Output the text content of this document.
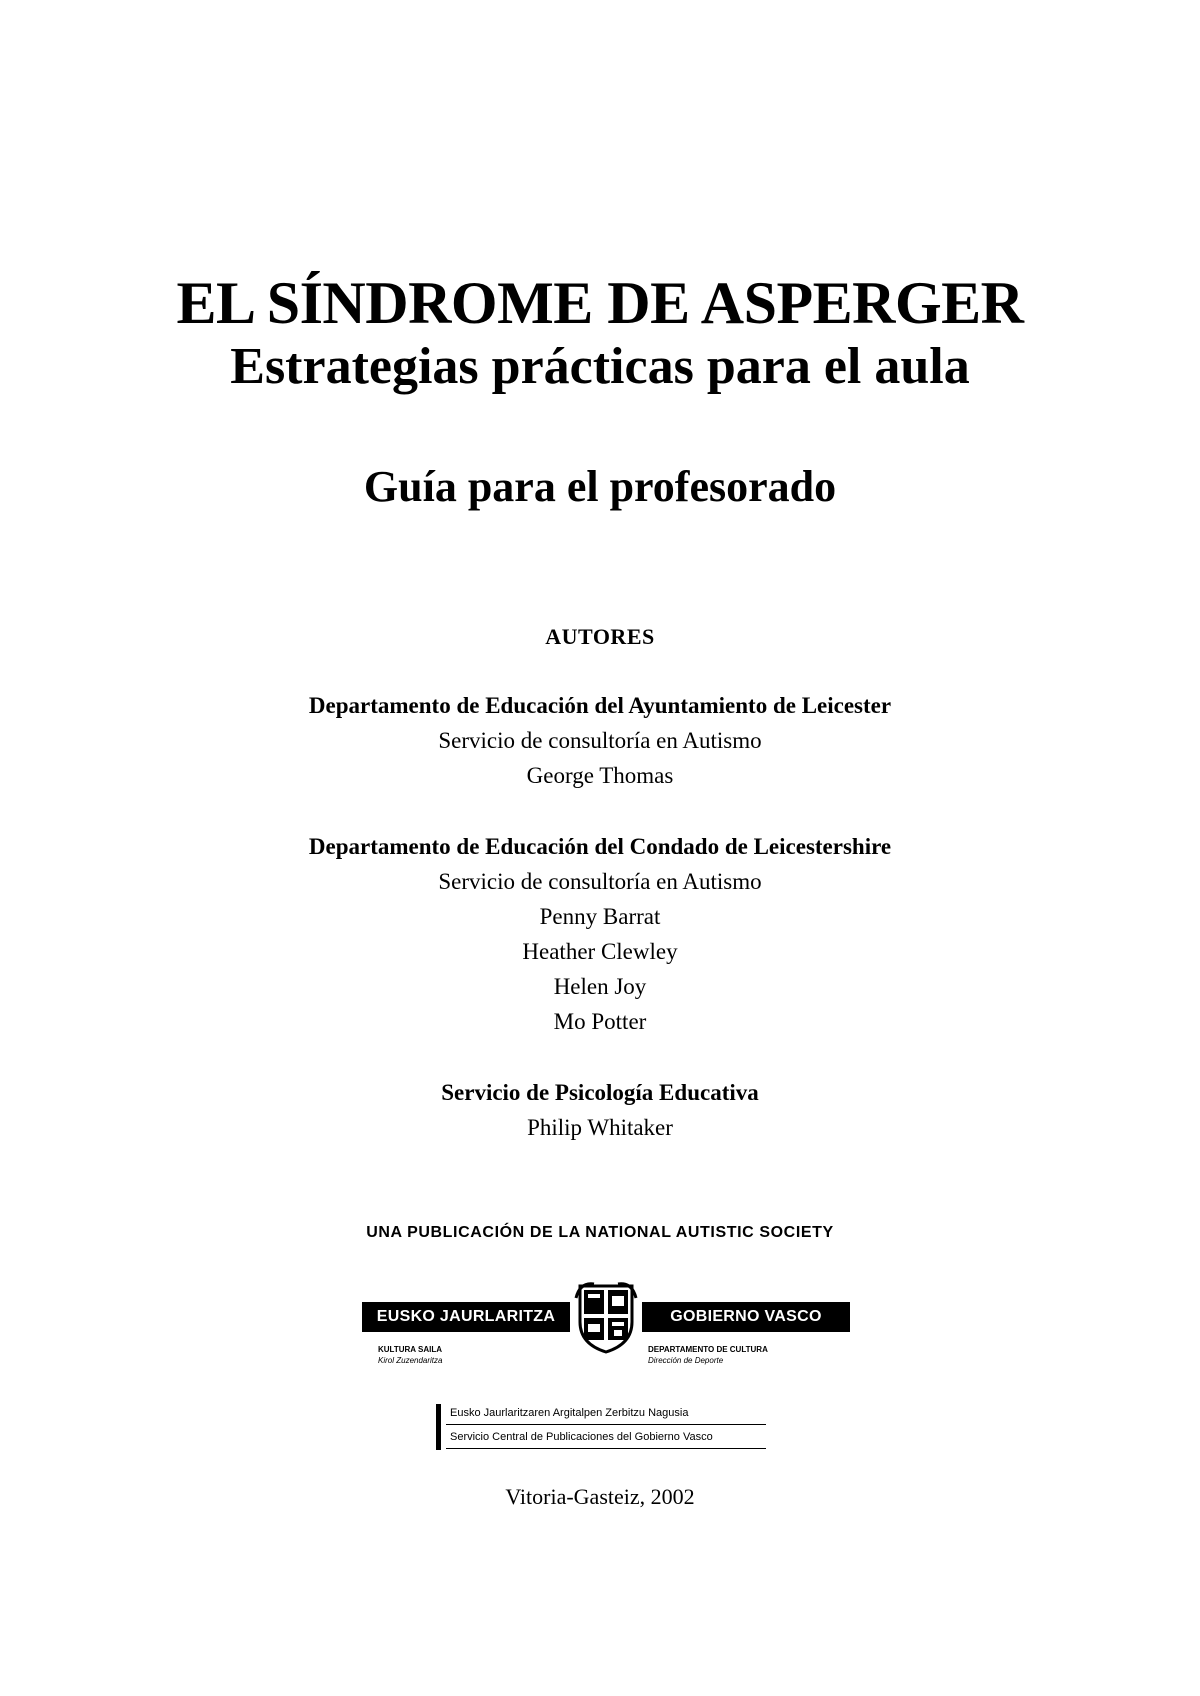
EL SÍNDROME DE ASPERGER
Estrategias prácticas para el aula
Guía para el profesorado
AUTORES
Departamento de Educación del Ayuntamiento de Leicester
Servicio de consultoría en Autismo
George Thomas
Departamento de Educación del Condado de Leicestershire
Servicio de consultoría en Autismo
Penny Barrat
Heather Clewley
Helen Joy
Mo Potter
Servicio de Psicología Educativa
Philip Whitaker
UNA PUBLICACIÓN DE LA NATIONAL AUTISTIC SOCIETY
EUSKO JAURLARITZA	GOBIERNO VASCO
KULTURA SAILA
Kirol Zuzendaritza
DEPARTAMENTO DE CULTURA
Dirección de Deporte
Eusko Jaurlaritzaren Argitalpen Zerbitzu Nagusia
Servicio Central de Publicaciones del Gobierno Vasco
Vitoria-Gasteiz, 2002
